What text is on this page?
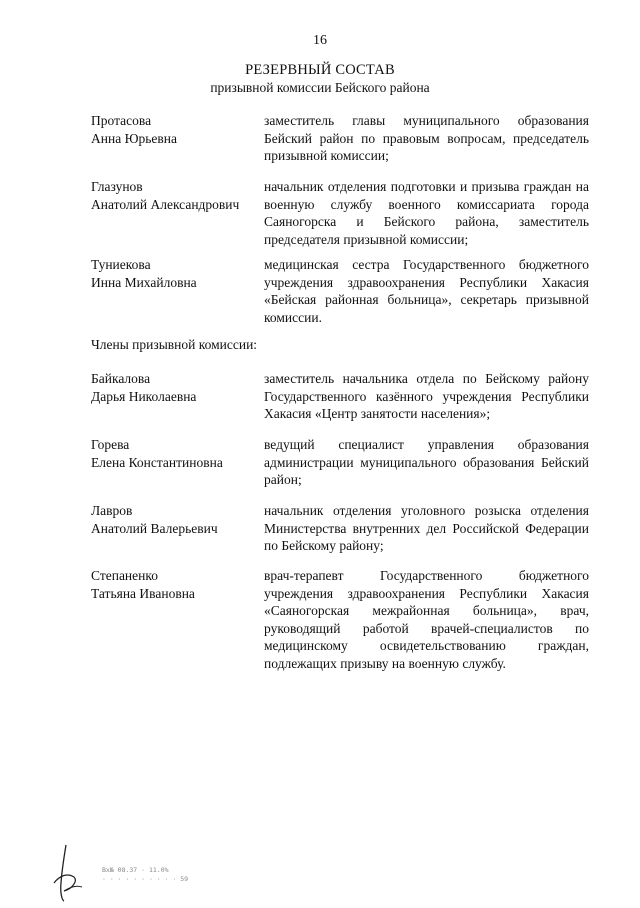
16
РЕЗЕРВНЫЙ СОСТАВ
призывной комиссии Бейского района
Протасова
Анна Юрьевна
заместитель главы муниципального образования Бейский район по правовым вопросам, председатель призывной комиссии;
Глазунов
Анатолий Александрович
начальник отделения подготовки и призыва граждан на военную службу военного комиссариата города Саяногорска и Бейского района, заместитель председателя призывной комиссии;
Туниекова
Инна Михайловна
медицинская сестра Государственного бюджетного учреждения здравоохранения Республики Хакасия «Бейская районная больница», секретарь призывной комиссии.
Члены призывной комиссии:
Байкалова
Дарья Николаевна
заместитель начальника отдела по Бейскому району Государственного казённого учреждения Республики Хакасия «Центр занятости населения»;
Горева
Елена Константиновна
ведущий специалист управления образования администрации муниципального образования Бейский район;
Лавров
Анатолий Валерьевич
начальник отделения уголовного розыска отделения Министерства внутренних дел Российской Федерации по Бейскому району;
Степаненко
Татьяна Ивановна
врач-терапевт Государственного бюджетного учреждения здравоохранения Республики Хакасия «Саяногорская межрайонная больница», врач, руководящий работой врачей-специалистов по медицинскому освидетельствованию граждан, подлежащих призыву на военную службу.
Вх№ 08.37 · 11.0%
· · · · · · · · · · 59
